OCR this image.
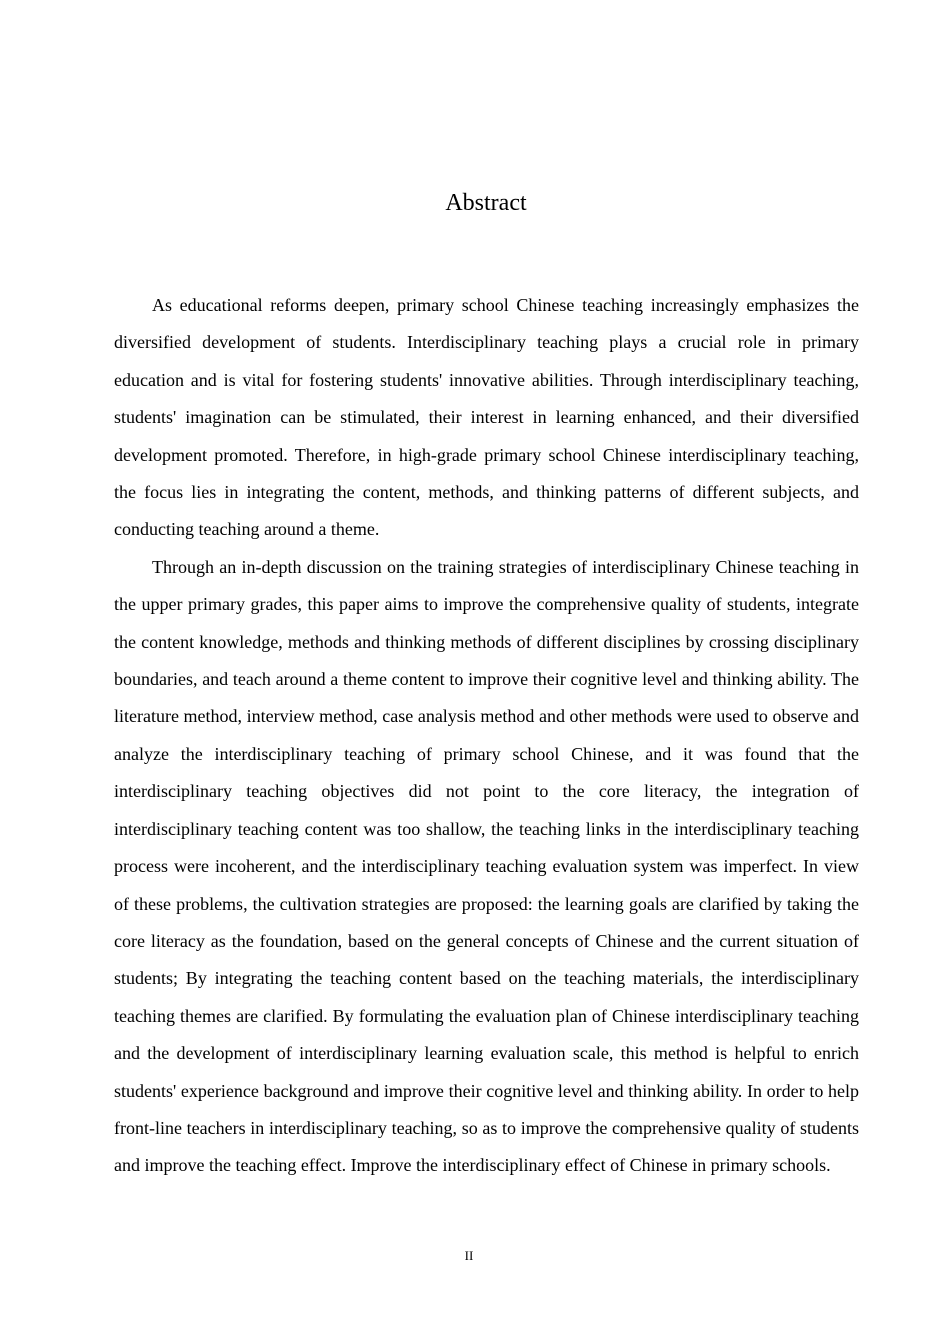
Abstract

As educational reforms deepen, primary school Chinese teaching increasingly emphasizes the diversified development of students. Interdisciplinary teaching plays a crucial role in primary education and is vital for fostering students' innovative abilities. Through interdisciplinary teaching, students' imagination can be stimulated, their interest in learning enhanced, and their diversified development promoted. Therefore, in high-grade primary school Chinese interdisciplinary teaching, the focus lies in integrating the content, methods, and thinking patterns of different subjects, and conducting teaching around a theme.

Through an in-depth discussion on the training strategies of interdisciplinary Chinese teaching in the upper primary grades, this paper aims to improve the comprehensive quality of students, integrate the content knowledge, methods and thinking methods of different disciplines by crossing disciplinary boundaries, and teach around a theme content to improve their cognitive level and thinking ability. The literature method, interview method, case analysis method and other methods were used to observe and analyze the interdisciplinary teaching of primary school Chinese, and it was found that the interdisciplinary teaching objectives did not point to the core literacy, the integration of interdisciplinary teaching content was too shallow, the teaching links in the interdisciplinary teaching process were incoherent, and the interdisciplinary teaching evaluation system was imperfect. In view of these problems, the cultivation strategies are proposed: the learning goals are clarified by taking the core literacy as the foundation, based on the general concepts of Chinese and the current situation of students; By integrating the teaching content based on the teaching materials, the interdisciplinary teaching themes are clarified. By formulating the evaluation plan of Chinese interdisciplinary teaching and the development of interdisciplinary learning evaluation scale, this method is helpful to enrich students' experience background and improve their cognitive level and thinking ability. In order to help front-line teachers in interdisciplinary teaching, so as to improve the comprehensive quality of students and improve the teaching effect. Improve the interdisciplinary effect of Chinese in primary schools.

II
